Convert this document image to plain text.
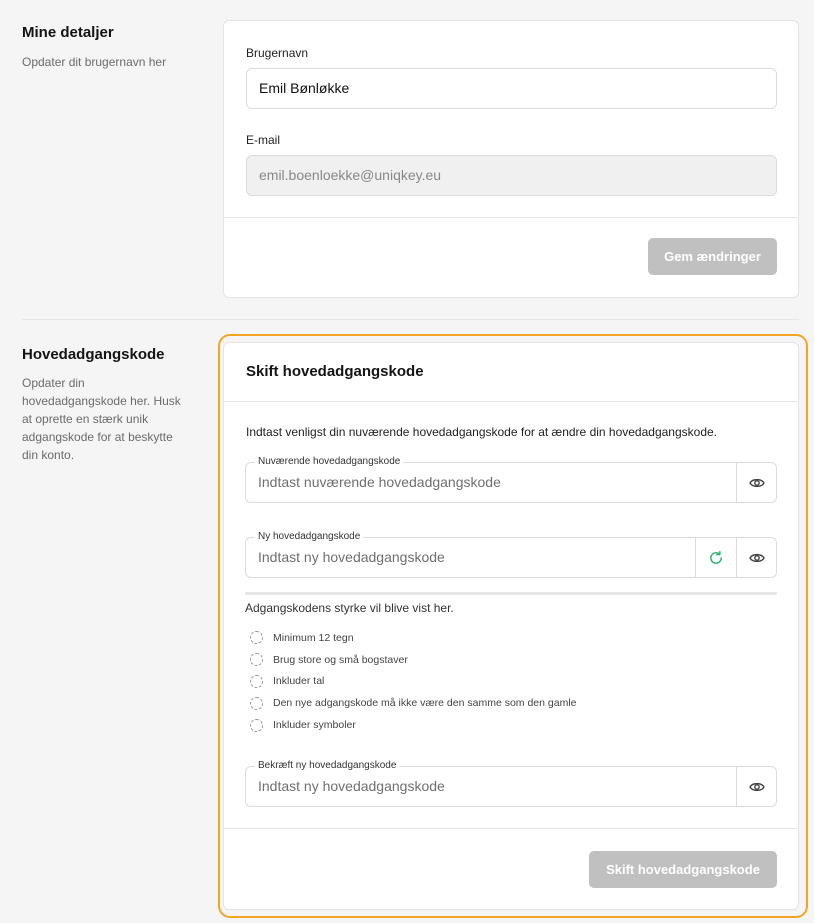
Mine detaljer
Opdater dit brugernavn her
Brugernavn
Emil Bønløkke
E-mail
emil.boenloekke@uniqkey.eu
Gem ændringer
Hovedadgangskode
Opdater din
hovedadgangskode her. Husk
at oprette en stærk unik
adgangskode for at beskytte
din konto.
Skift hovedadgangskode
Indtast venligst din nuværende hovedadgangskode for at ændre din hovedadgangskode.
Skift hovedadgangskode
Nuværende hovedadgangskode
Indtast nuværende hovedadgangskode
Ny hovedadgangskode
Indtast ny hovedadgangskode
Adgangskodens styrke vil blive vist her.
Minimum 12 tegn
Brug store og små bogstaver
Inkluder tal
Den nye adgangskode må ikke være den samme som den gamle
Inkluder symboler
Bekræft ny hovedadgangskode
Indtast ny hovedadgangskode
